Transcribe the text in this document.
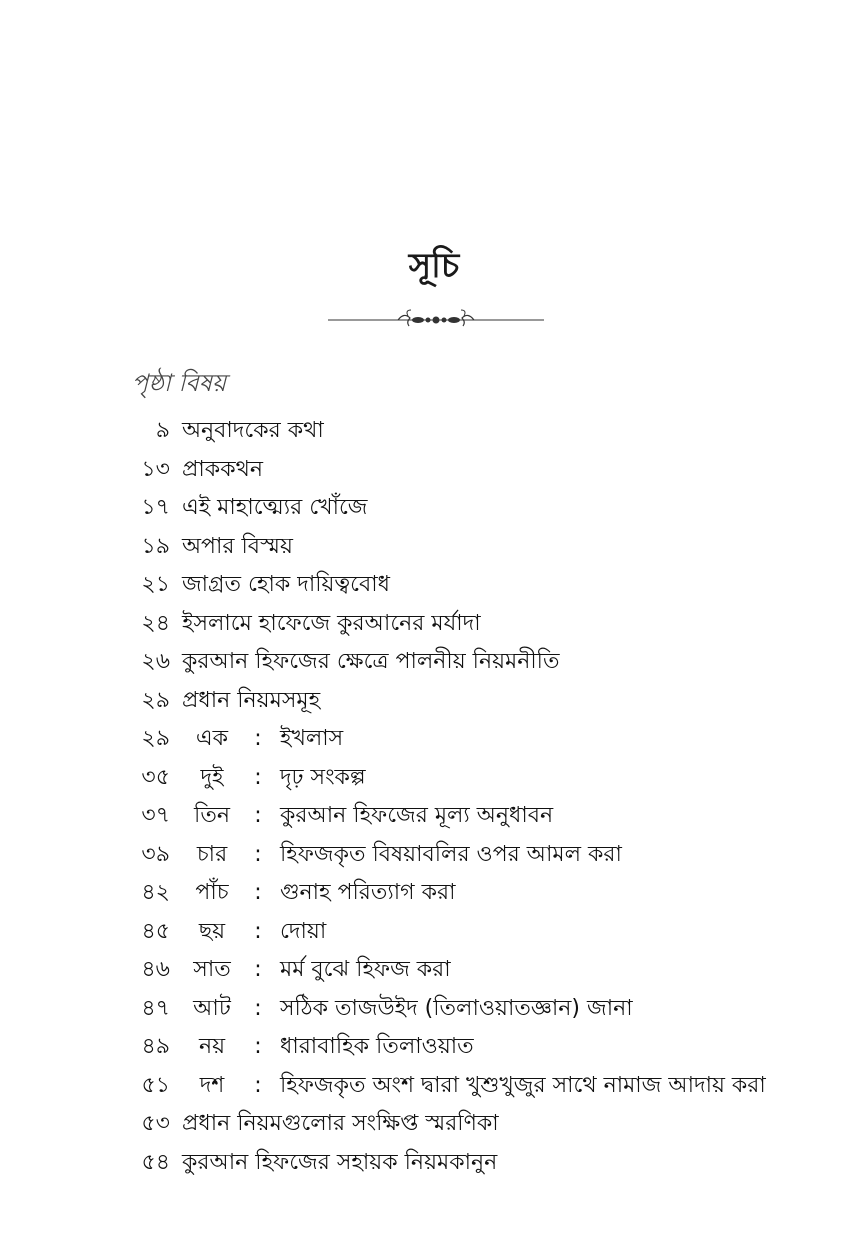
সূচি
পৃষ্ঠা বিষয়
৯ অনুবাদকের কথা
১৩ প্রাককথন
১৭ এই মাহাত্ম্যের খোঁজে
১৯ অপার বিস্ময়
২১ জাগ্রত হোক দায়িত্ববোধ
২৪ ইসলামে হাফেজে কুরআনের মর্যাদা
২৬ কুরআন হিফজের ক্ষেত্রে পালনীয় নিয়মনীতি
২৯ প্রধান নিয়মসমূহ
২৯	এক	: ইখলাস
৩৫	দুই	: দৃঢ় সংকল্প
৩৭	তিন	: কুরআন হিফজের মূল্য অনুধাবন
৩৯	চার	: হিফজকৃত বিষয়াবলির ওপর আমল করা
৪২	পাঁচ	: গুনাহ পরিত্যাগ করা
৪৫	ছয়	: দোয়া
৪৬	সাত	: মর্ম বুঝে হিফজ করা
৪৭	আট	: সঠিক তাজউইদ (তিলাওয়াতজ্ঞান) জানা
৪৯	নয়	: ধারাবাহিক তিলাওয়াত
৫১	দশ	: হিফজকৃত অংশ দ্বারা খুশুখুজুর সাথে নামাজ আদায় করা
৫৩ প্রধান নিয়মগুলোর সংক্ষিপ্ত স্মরণিকা
৫৪ কুরআন হিফজের সহায়ক নিয়মকানুন
